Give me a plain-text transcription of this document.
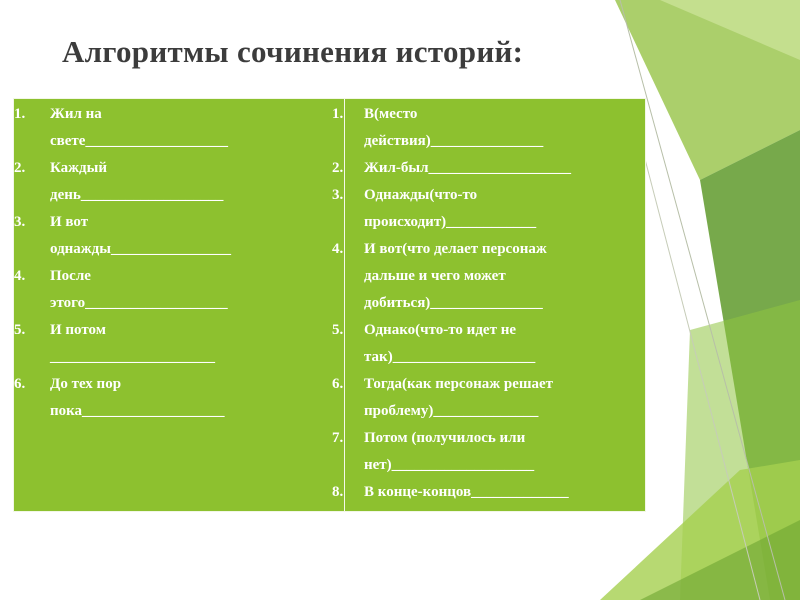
Алгоритмы сочинения историй:
1. Жил на
свете___________________
2. Каждый
день___________________
3. И вот
однажды________________
4. После
этого___________________
5. И потом
______________________
6. До тех пор
пока___________________
1. В(место
действия)_______________
2. Жил-был___________________
3. Однажды(что-то
происходит)____________
4. И вот(что делает персонаж
дальше и чего может
добиться)_______________
5. Однако(что-то идет не
так)___________________
6. Тогда(как персонаж решает
проблему)______________
7. Потом (получилось или
нет)___________________
8. В конце-концов_____________
